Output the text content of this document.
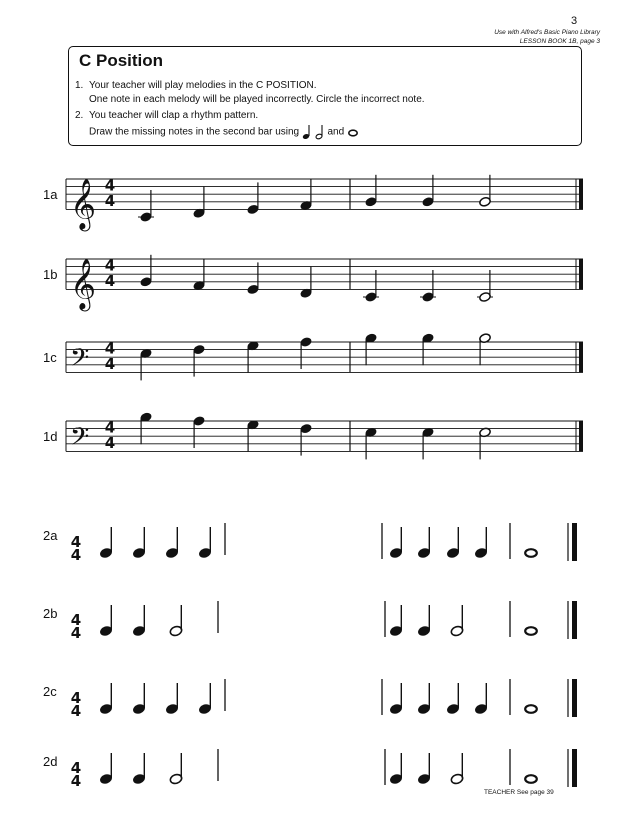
3
Use with Alfred's Basic Piano Library
LESSON BOOK 1B, page 3
C Position
1. Your teacher will play melodies in the C POSITION.
One note in each melody will be played incorrectly. Circle the incorrect note.
2. You teacher will clap a rhythm pattern.
Draw the missing notes in the second bar using	and
1a 𝄞 4
4
1b 𝄞 4
4
1c 𝄢 4
4
1d 𝄢 4
4
2a 4
4
2b 4
4
2c 4
4
2d 4
4
TEACHER See page 39
